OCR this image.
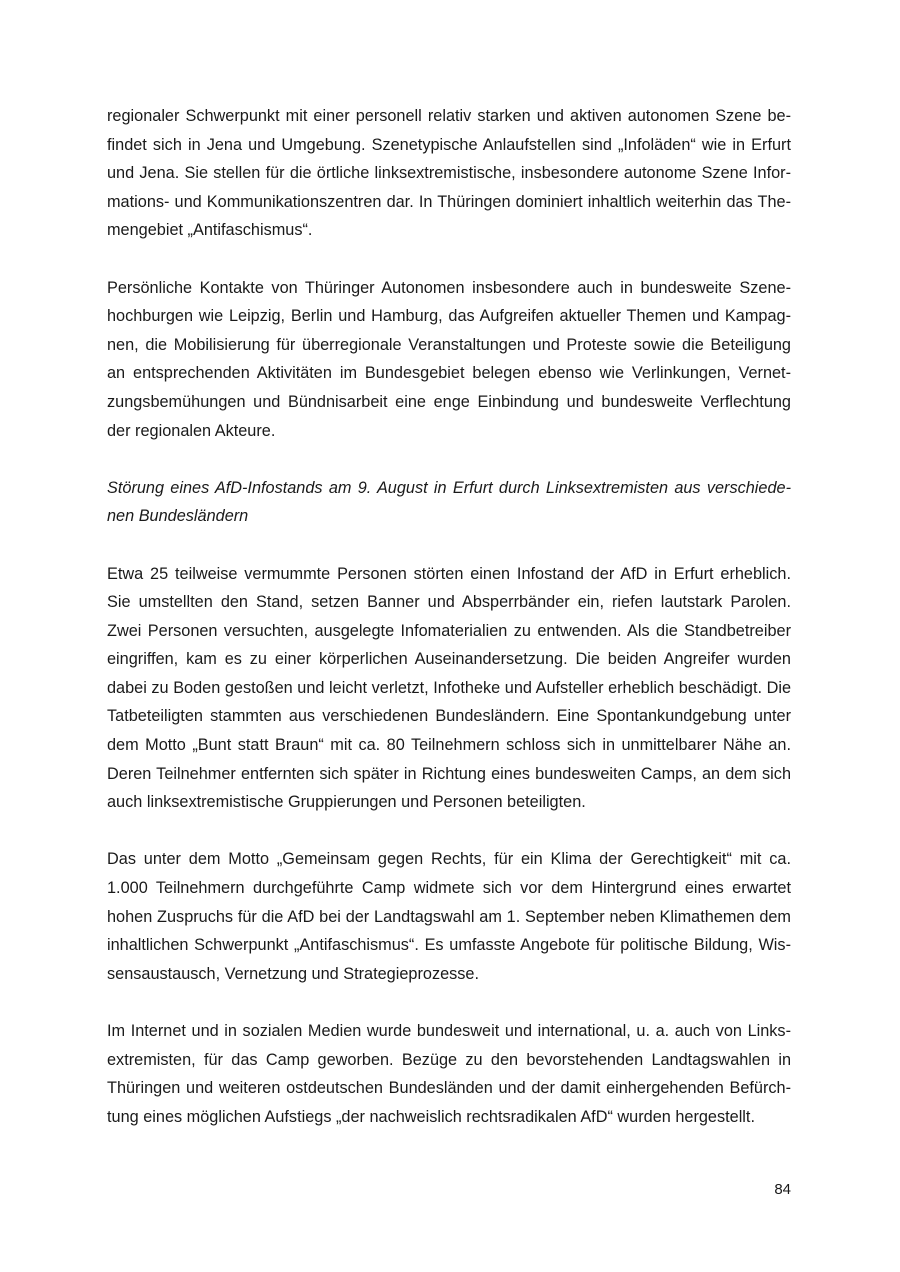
regionaler Schwerpunkt mit einer personell relativ starken und aktiven autonomen Szene befindet sich in Jena und Umgebung. Szenetypische Anlaufstellen sind „Infoläden“ wie in Erfurt und Jena. Sie stellen für die örtliche linksextremistische, insbesondere autonome Szene Informations- und Kommunikationszentren dar. In Thüringen dominiert inhaltlich weiterhin das Themengebiet „Antifaschismus“.

Persönliche Kontakte von Thüringer Autonomen insbesondere auch in bundesweite Szenehochburgen wie Leipzig, Berlin und Hamburg, das Aufgreifen aktueller Themen und Kampagnen, die Mobilisierung für überregionale Veranstaltungen und Proteste sowie die Beteiligung an entsprechenden Aktivitäten im Bundesgebiet belegen ebenso wie Verlinkungen, Vernetzungsbemühungen und Bündnisarbeit eine enge Einbindung und bundesweite Verflechtung der regionalen Akteure.

Störung eines AfD-Infostands am 9. August in Erfurt durch Linksextremisten aus verschiedenen Bundesländern

Etwa 25 teilweise vermummte Personen störten einen Infostand der AfD in Erfurt erheblich. Sie umstellten den Stand, setzen Banner und Absperrbänder ein, riefen lautstark Parolen. Zwei Personen versuchten, ausgelegte Infomaterialien zu entwenden. Als die Standbetreiber eingriffen, kam es zu einer körperlichen Auseinandersetzung. Die beiden Angreifer wurden dabei zu Boden gestoßen und leicht verletzt, Infotheke und Aufsteller erheblich beschädigt. Die Tatbeteiligten stammten aus verschiedenen Bundesländern. Eine Spontankundgebung unter dem Motto „Bunt statt Braun“ mit ca. 80 Teilnehmern schloss sich in unmittelbarer Nähe an. Deren Teilnehmer entfernten sich später in Richtung eines bundesweiten Camps, an dem sich auch linksextremistische Gruppierungen und Personen beteiligten.

Das unter dem Motto „Gemeinsam gegen Rechts, für ein Klima der Gerechtigkeit“ mit ca. 1.000 Teilnehmern durchgeführte Camp widmete sich vor dem Hintergrund eines erwartet hohen Zuspruchs für die AfD bei der Landtagswahl am 1. September neben Klimathemen dem inhaltlichen Schwerpunkt „Antifaschismus“. Es umfasste Angebote für politische Bildung, Wissensaustausch, Vernetzung und Strategieprozesse.

Im Internet und in sozialen Medien wurde bundesweit und international, u. a. auch von Linksextremisten, für das Camp geworben. Bezüge zu den bevorstehenden Landtagswahlen in Thüringen und weiteren ostdeutschen Bundesländen und der damit einhergehenden Befürchtung eines möglichen Aufstiegs „der nachweislich rechtsradikalen AfD“ wurden hergestellt.

84
